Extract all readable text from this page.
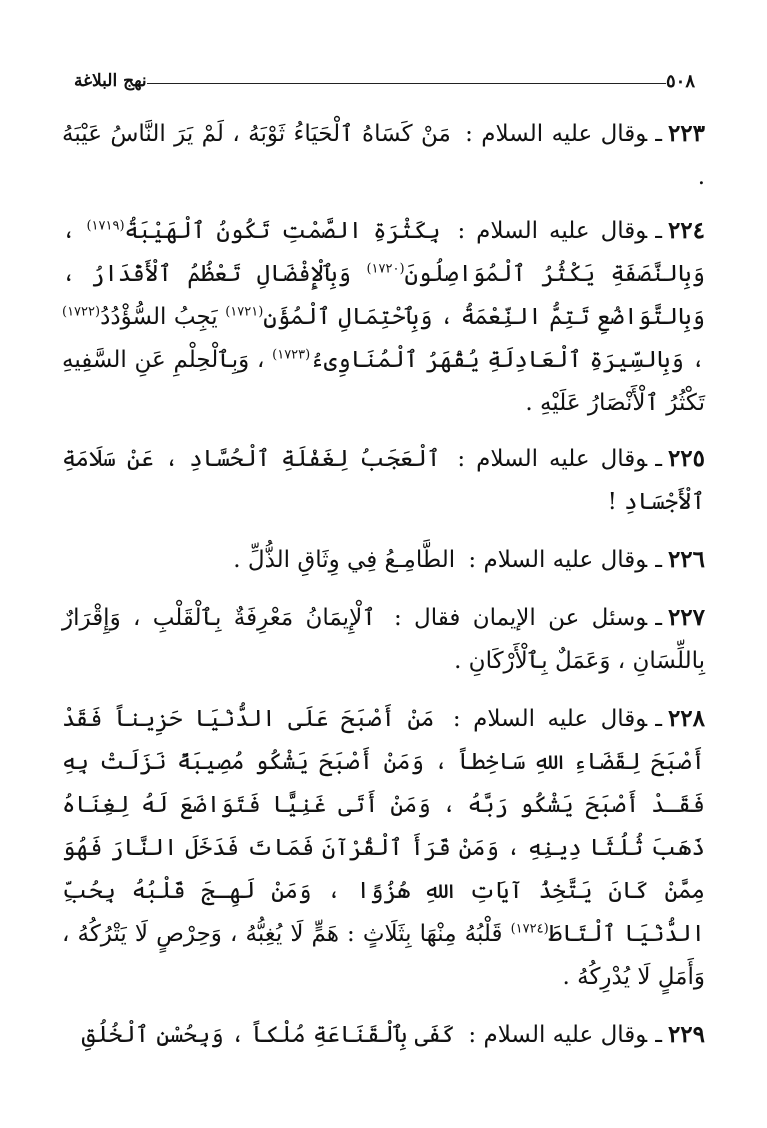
٥٠٨
نهج البلاغة

٢٢٣ـوقال عليه السلام : مَنْ كَسَاهُ ٱلْحَيَاءُ ثَوْبَهُ ، لَمْ يَرَ النَّاسُ عَيْبَهُ .

٢٢٤ـوقال عليه السلام : بِكَثْرَةِ الصَّمْتِ تَكُونُ ٱلْهَيْبَةُ$^{(١٧١٩)}$ ، وَبِالنَّصَفَةِ يَكْثُرُ ٱلْمُوَاصِلُونَ$^{(١٧٢٠)}$ وَبِٱلْإِفْضَالِ تَعْظُمُ ٱلْأَقْدَارُ ، وَبِالتَّوَاضُعِ تَتِمُّ النِّعْمَةُ ، وَبِٱحْتِمَالِ ٱلْمُؤَنِ$^{(١٧٢١)}$ يَجِبُ السُّؤْدُدُ$^{(١٧٢٢)}$ ، وَبِالسِّيرَةِ ٱلْعَادِلَةِ يُقْهَرُ ٱلْمُنَاوِىءُ$^{(١٧٢٣)}$ ، وَبِٱلْحِلْمِ عَنِ السَّفِيهِ تَكْثُرُ ٱلْأَنْصَارُ عَلَيْهِ .

٢٢٥ـوقال عليه السلام : ٱلْعَجَبُ لِغَفْلَةِ ٱلْحُسَّادِ ، عَنْ سَلَامَةِ ٱلْأَجْسَادِ !

٢٢٦ـوقال عليه السلام : الطَّامِـعُ فِي وِثَاقِ الذُّلِّ .

٢٢٧ـوسئل عن الإيمان فقال : ٱلْإِيمَانُ مَعْرِفَةٌ بِٱلْقَلْبِ ، وَإِقْرَارٌ بِاللِّسَانِ ، وَعَمَلٌ بِٱلْأَرْكَانِ .

٢٢٨ـوقال عليه السلام : مَنْ أَصْبَحَ عَلَى الدُّنْيَا حَزِيناً فَقَدْ أَصْبَحَ لِقَضَاءِ اللهِ سَاخِطاً ، وَمَنْ أَصْبَحَ يَشْكُو مُصِيبَةً نَزَلَتْ بِهِ فَقَـدْ أَصْبَحَ يَشْكُو رَبَّهُ ، وَمَنْ أَتَى غَنِيًّا فَتَوَاضَعَ لَهُ لِغِنَاهُ ذَهَبَ ثُلُثَا دِينِهِ ، وَمَنْ قَرَأَ ٱلْقُرْآنَ فَمَاتَ فَدَخَلَ النَّارَ فَهُوَ مِمَّنْ كَانَ يَتَّخِذُ آيَاتِ اللهِ هُزُوًا ، وَمَنْ لَهِـجَ قَلْبُهُ بِحُبِّ الدُّنْيَا ٱلْتَاطَ$^{(١٧٢٤)}$ قَلْبُهُ مِنْهَا بِثَلَاثٍ : هَمٍّ لَا يُغِبُّهُ ، وَحِرْصٍ لَا يَتْرُكُهُ ، وَأَمَلٍ لَا يُدْرِكُهُ .

٢٢٩ـوقال عليه السلام : كَفَى بِٱلْقَنَاعَةِ مُلْكاً ، وَبِحُسْنِ ٱلْخُلُقِ
